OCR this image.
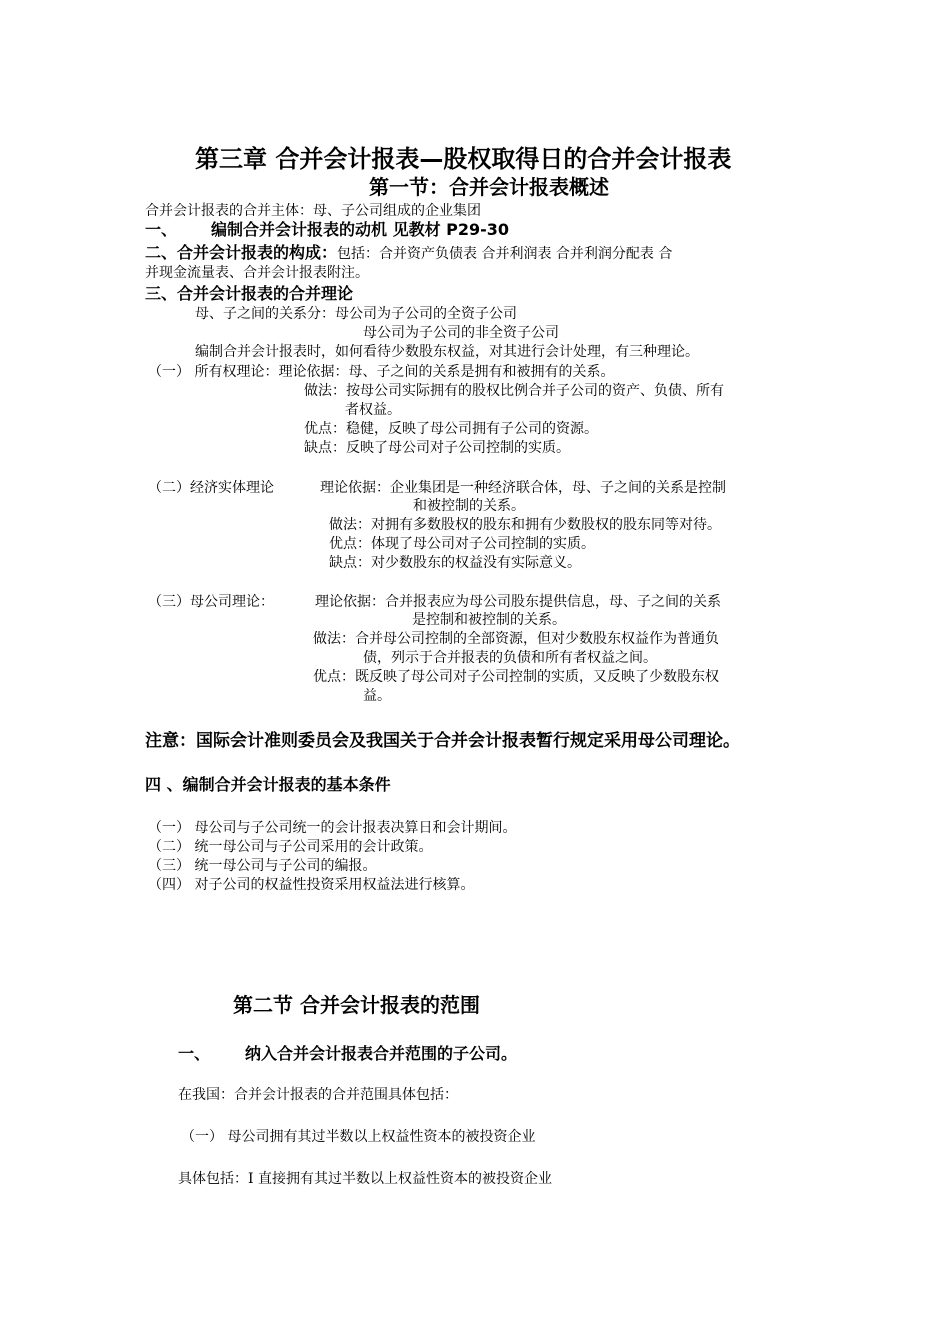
第三章 合并会计报表—股权取得日的合并会计报表
第一节：合并会计报表概述
合并会计报表的合并主体：母、子公司组成的企业集团
一、 编制合并会计报表的动机 见教材 P29-30
二、合并会计报表的构成：包括：合并资产负债表 合并利润表 合并利润分配表 合
并现金流量表、合并会计报表附注。
三、合并会计报表的合并理论
母、子之间的关系分：母公司为子公司的全资子公司
母公司为子公司的非全资子公司
编制合并会计报表时，如何看待少数股东权益，对其进行会计处理，有三种理论。
（一） 所有权理论：理论依据：母、子之间的关系是拥有和被拥有的关系。
做法：按母公司实际拥有的股权比例合并子公司的资产、负债、所有
者权益。
优点：稳健，反映了母公司拥有子公司的资源。
缺点：反映了母公司对子公司控制的实质。
（二）经济实体理论	理论依据：企业集团是一种经济联合体，母、子之间的关系是控制
和被控制的关系。
做法：对拥有多数股权的股东和拥有少数股权的股东同等对待。
优点：体现了母公司对子公司控制的实质。
缺点：对少数股东的权益没有实际意义。
（三）母公司理论：	理论依据：合并报表应为母公司股东提供信息，母、子之间的关系
是控制和被控制的关系。
做法：合并母公司控制的全部资源，但对少数股东权益作为普通负
债，列示于合并报表的负债和所有者权益之间。
优点：既反映了母公司对子公司控制的实质，又反映了少数股东权
益。
注意：国际会计准则委员会及我国关于合并会计报表暂行规定采用母公司理论。
四 、编制合并会计报表的基本条件
（一） 母公司与子公司统一的会计报表决算日和会计期间。
（二） 统一母公司与子公司采用的会计政策。
（三） 统一母公司与子公司的编报。
（四） 对子公司的权益性投资采用权益法进行核算。
第二节 合并会计报表的范围
一、 纳入合并会计报表合并范围的子公司。
在我国：合并会计报表的合并范围具体包括：
（一） 母公司拥有其过半数以上权益性资本的被投资企业
具体包括：I 直接拥有其过半数以上权益性资本的被投资企业
